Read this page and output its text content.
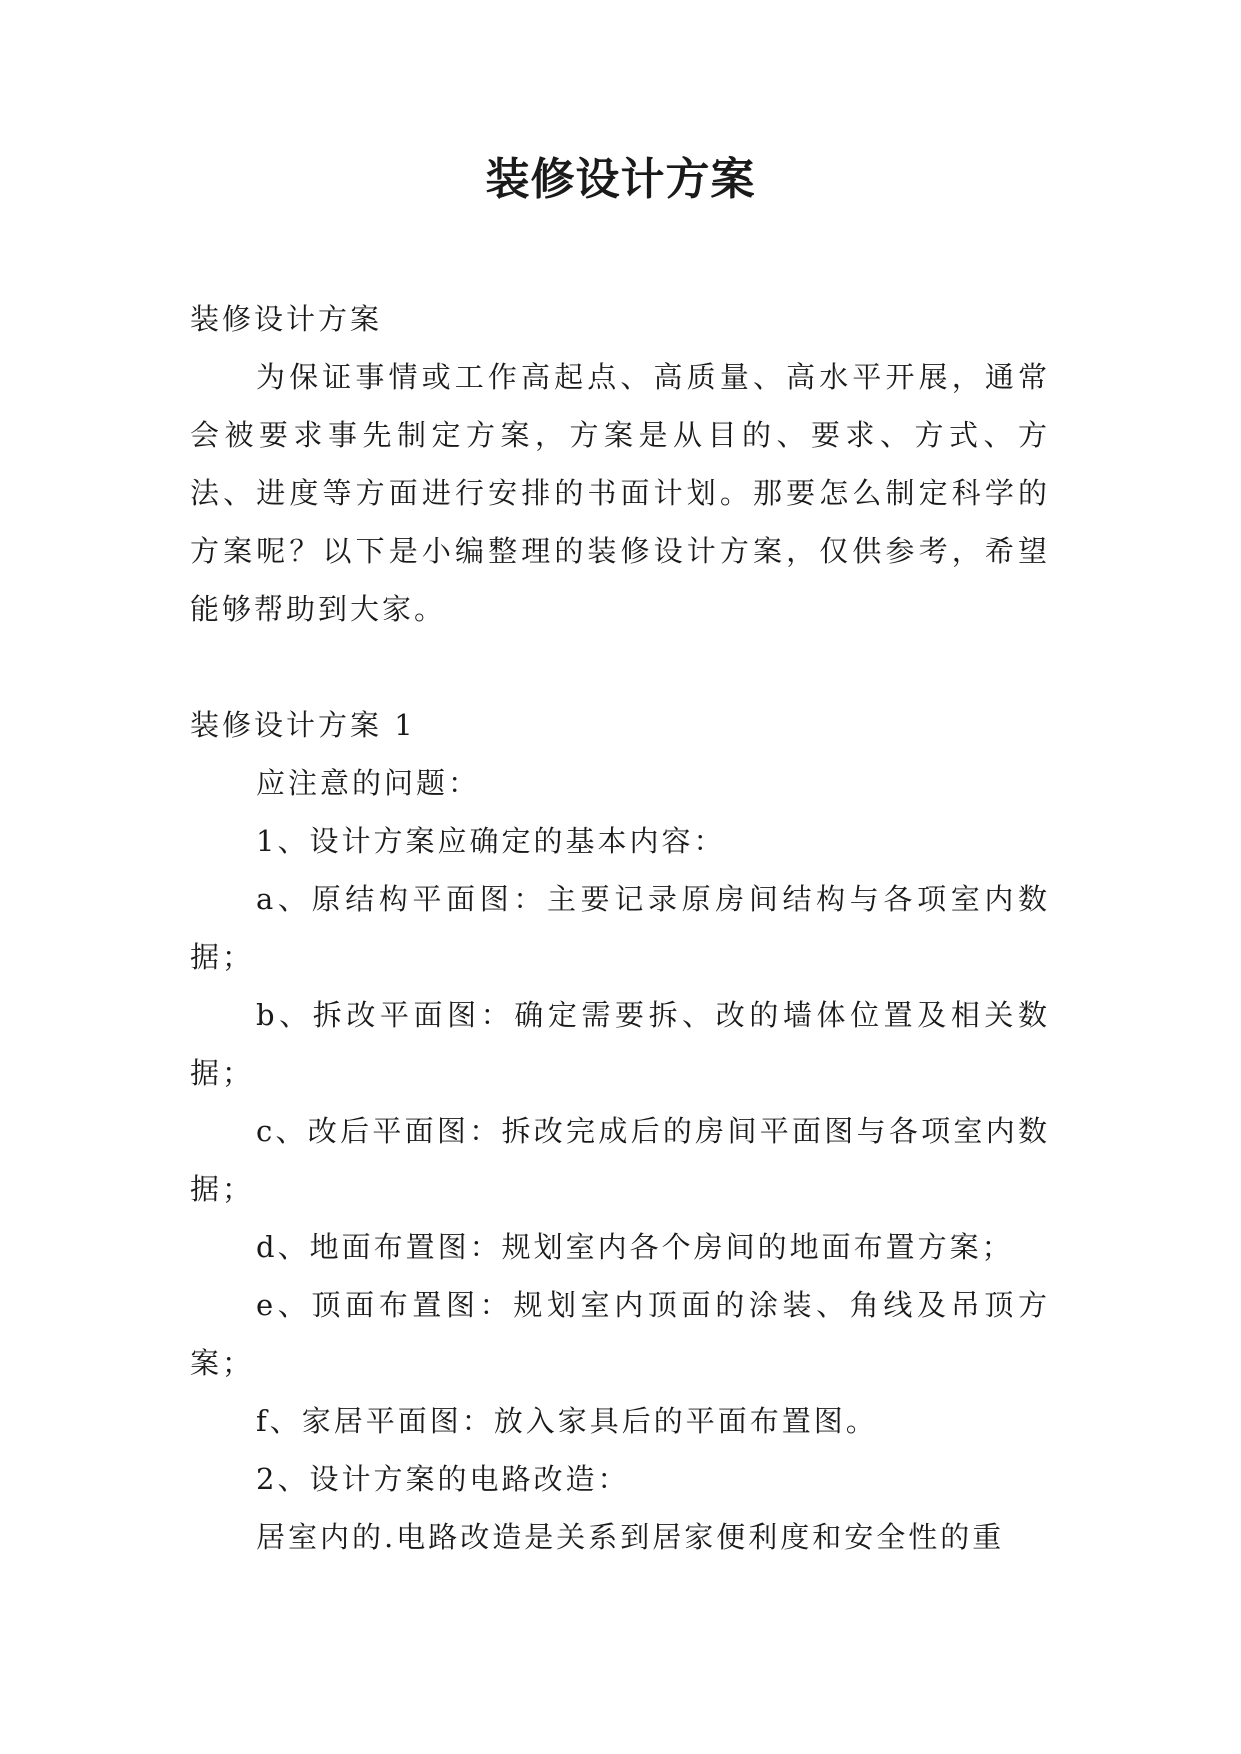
装修设计方案

装修设计方案

为保证事情或工作高起点、高质量、高水平开展，通常会被要求事先制定方案，方案是从目的、要求、方式、方法、进度等方面进行安排的书面计划。那要怎么制定科学的方案呢？以下是小编整理的装修设计方案，仅供参考，希望能够帮助到大家。

装修设计方案 1

应注意的问题：

1、设计方案应确定的基本内容：

a、原结构平面图：主要记录原房间结构与各项室内数据；

b、拆改平面图：确定需要拆、改的墙体位置及相关数据；

c、改后平面图：拆改完成后的房间平面图与各项室内数据；

d、地面布置图：规划室内各个房间的地面布置方案；

e、顶面布置图：规划室内顶面的涂装、角线及吊顶方案；

f、家居平面图：放入家具后的平面布置图。

2、设计方案的电路改造：

居室内的.电路改造是关系到居家便利度和安全性的重
